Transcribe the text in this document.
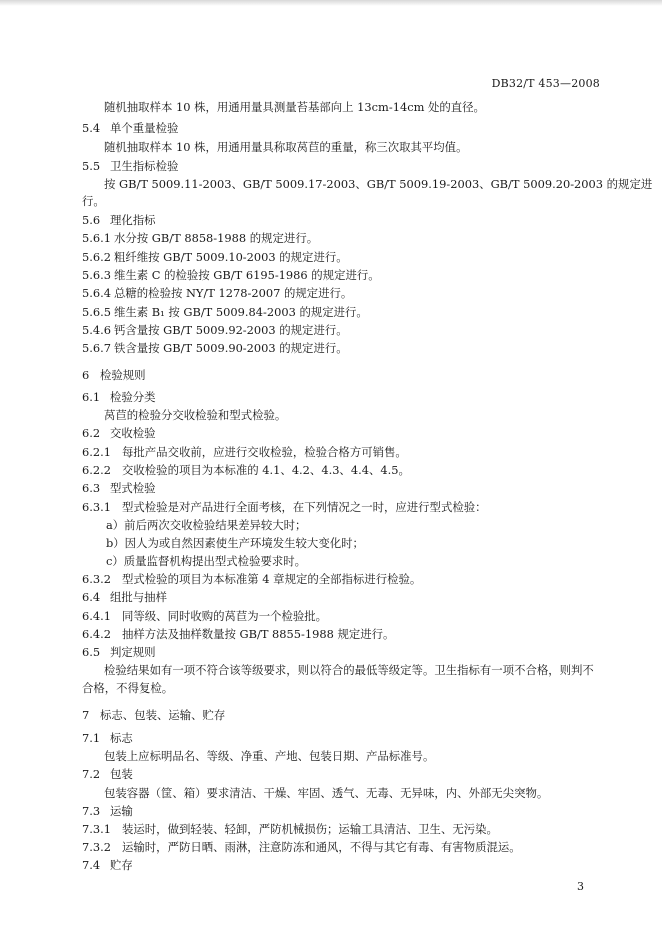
DB32/T 453—2008
随机抽取样本 10 株，用通用量具测量苔基部向上 13cm-14cm 处的直径。
5.4 单个重量检验
随机抽取样本 10 株，用通用量具称取莴苣的重量，称三次取其平均值。
5.5 卫生指标检验
按 GB/T 5009.11-2003、GB/T 5009.17-2003、GB/T 5009.19-2003、GB/T 5009.20-2003 的规定进
行。
5.6 理化指标
5.6.1 水分按 GB/T 8858-1988 的规定进行。
5.6.2 粗纤维按 GB/T 5009.10-2003 的规定进行。
5.6.3 维生素 C 的检验按 GB/T 6195-1986 的规定进行。
5.6.4 总糖的检验按 NY/T 1278-2007 的规定进行。
5.6.5 维生素 B₁ 按 GB/T 5009.84-2003 的规定进行。
5.4.6 钙含量按 GB/T 5009.92-2003 的规定进行。
5.6.7 铁含量按 GB/T 5009.90-2003 的规定进行。
6 检验规则
6.1 检验分类
莴苣的检验分交收检验和型式检验。
6.2 交收检验
6.2.1 每批产品交收前，应进行交收检验，检验合格方可销售。
6.2.2 交收检验的项目为本标准的 4.1、4.2、4.3、4.4、4.5。
6.3 型式检验
6.3.1 型式检验是对产品进行全面考核，在下列情况之一时，应进行型式检验：
a）前后两次交收检验结果差异较大时；
b）因人为或自然因素使生产环境发生较大变化时；
c）质量监督机构提出型式检验要求时。
6.3.2 型式检验的项目为本标准第 4 章规定的全部指标进行检验。
6.4 组批与抽样
6.4.1 同等级、同时收购的莴苣为一个检验批。
6.4.2 抽样方法及抽样数量按 GB/T 8855-1988 规定进行。
6.5 判定规则
检验结果如有一项不符合该等级要求，则以符合的最低等级定等。卫生指标有一项不合格，则判不
合格，不得复检。
7 标志、包装、运输、贮存
7.1 标志
包装上应标明品名、等级、净重、产地、包装日期、产品标准号。
7.2 包装
包装容器（筐、箱）要求清洁、干燥、牢固、透气、无毒、无异味，内、外部无尖突物。
7.3 运输
7.3.1 装运时，做到轻装、轻卸，严防机械损伤；运输工具清洁、卫生、无污染。
7.3.2 运输时，严防日晒、雨淋，注意防冻和通风，不得与其它有毒、有害物质混运。
7.4 贮存
3
